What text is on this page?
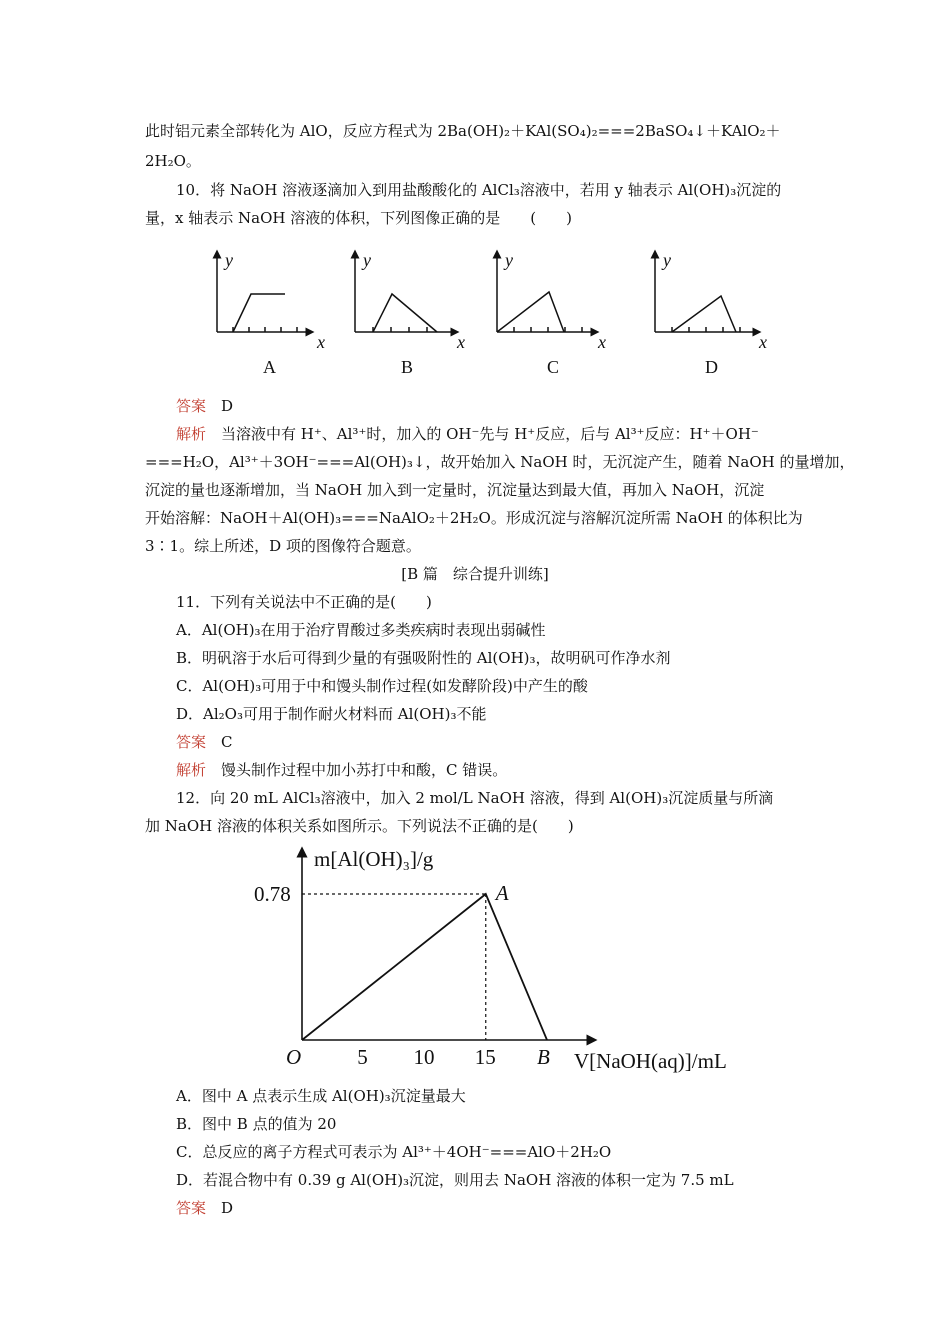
此时铝元素全部转化为 AlO，反应方程式为 2Ba(OH)₂＋KAl(SO₄)₂===2BaSO₄↓＋KAlO₂＋
2H₂O。
10．将 NaOH 溶液逐滴加入到用盐酸酸化的 AlCl₃溶液中，若用 y 轴表示 Al(OH)₃沉淀的
量，x 轴表示 NaOH 溶液的体积，下列图像正确的是　　(　　)
y
x
A
y
x
B
y
x
C
y
x
D
答案　 D
解析　 当溶液中有 H⁺、Al³⁺时，加入的 OH⁻先与 H⁺反应，后与 Al³⁺反应：H⁺＋OH⁻
===H₂O，Al³⁺＋3OH⁻===Al(OH)₃↓，故开始加入 NaOH 时，无沉淀产生，随着 NaOH 的量增加，
沉淀的量也逐渐增加，当 NaOH 加入到一定量时，沉淀量达到最大值，再加入 NaOH，沉淀
开始溶解：NaOH＋Al(OH)₃===NaAlO₂＋2H₂O。形成沉淀与溶解沉淀所需 NaOH 的体积比为
3∶1。综上所述，D 项的图像符合题意。
[B 篇　综合提升训练]
11．下列有关说法中不正确的是(　　)
A．Al(OH)₃在用于治疗胃酸过多类疾病时表现出弱碱性
B．明矾溶于水后可得到少量的有强吸附性的 Al(OH)₃，故明矾可作净水剂
C．Al(OH)₃可用于中和馒头制作过程(如发酵阶段)中产生的酸
D．Al₂O₃可用于制作耐火材料而 Al(OH)₃不能
答案　 C
解析　 馒头制作过程中加小苏打中和酸，C 错误。
12．向 20 mL AlCl₃溶液中，加入 2 mol/L NaOH 溶液，得到 Al(OH)₃沉淀质量与所滴
加 NaOH 溶液的体积关系如图所示。下列说法不正确的是(　　)
m[Al(OH)₃]/g
V[NaOH(aq)]/mL
O
0.78	A
B
5 10 15
A．图中 A 点表示生成 Al(OH)₃沉淀量最大
B．图中 B 点的值为 20
C．总反应的离子方程式可表示为 Al³⁺＋4OH⁻===AlO＋2H₂O
D．若混合物中有 0.39 g Al(OH)₃沉淀，则用去 NaOH 溶液的体积一定为 7.5 mL
答案　 D
